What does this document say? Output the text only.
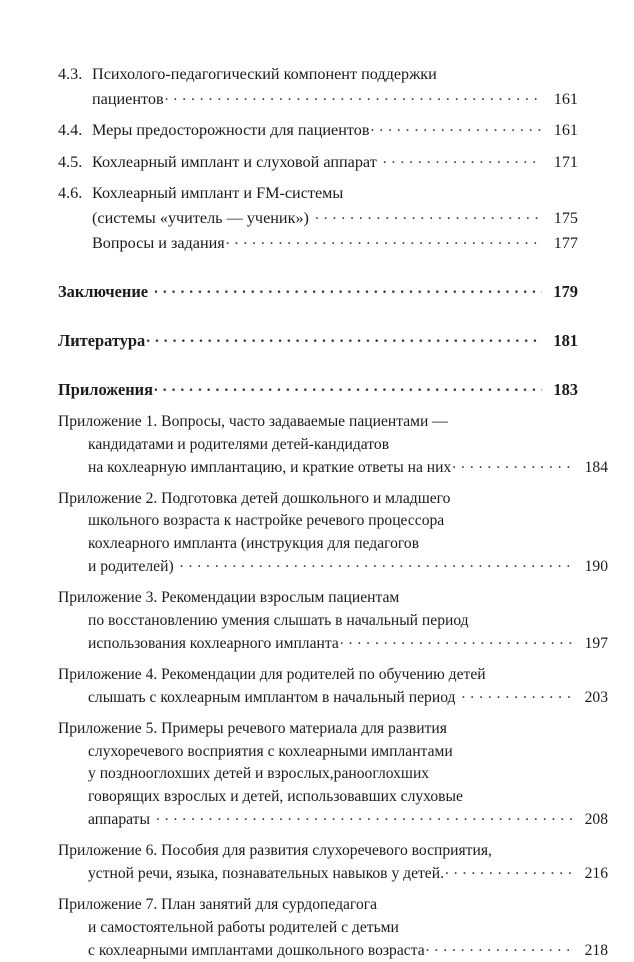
4.3. Психолого-педагогический компонент поддержки
пациентов . . .	161
4.4. Меры предосторожности для пациентов . . .	161
4.5. Кохлеарный имплант и слуховой аппарат . . .	171
4.6. Кохлеарный имплант и FM-системы
(системы «учитель — ученик») . . .	175
Вопросы и задания . . .	177
Заключение . . .	179
Литература . . .	181
Приложения . . .	183
Приложение 1. Вопросы, часто задаваемые пациентами —
кандидатами и родителями детей-кандидатов
на кохлеарную имплантацию, и краткие ответы на них . . .	184
Приложение 2. Подготовка детей дошкольного и младшего
школьного возраста к настройке речевого процессора
кохлеарного импланта (инструкция для педагогов
и родителей) . . .	190
Приложение 3. Рекомендации взрослым пациентам
по восстановлению умения слышать в начальный период
использования кохлеарного импланта . . .	197
Приложение 4. Рекомендации для родителей по обучению детей
слышать с кохлеарным имплантом в начальный период . . .	203
Приложение 5. Примеры речевого материала для развития
слухоречевого восприятия с кохлеарными имплантами
у позднооглохших детей и взрослых,ранооглохших
говорящих взрослых и детей, использовавших слуховые
аппараты . . .	208
Приложение 6. Пособия для развития слухоречевого восприятия,
устной речи, языка, познавательных навыков у детей. . . .	216
Приложение 7. План занятий для сурдопедагога
и самостоятельной работы родителей с детьми
с кохлеарными имплантами дошкольного возраста . . .	218
